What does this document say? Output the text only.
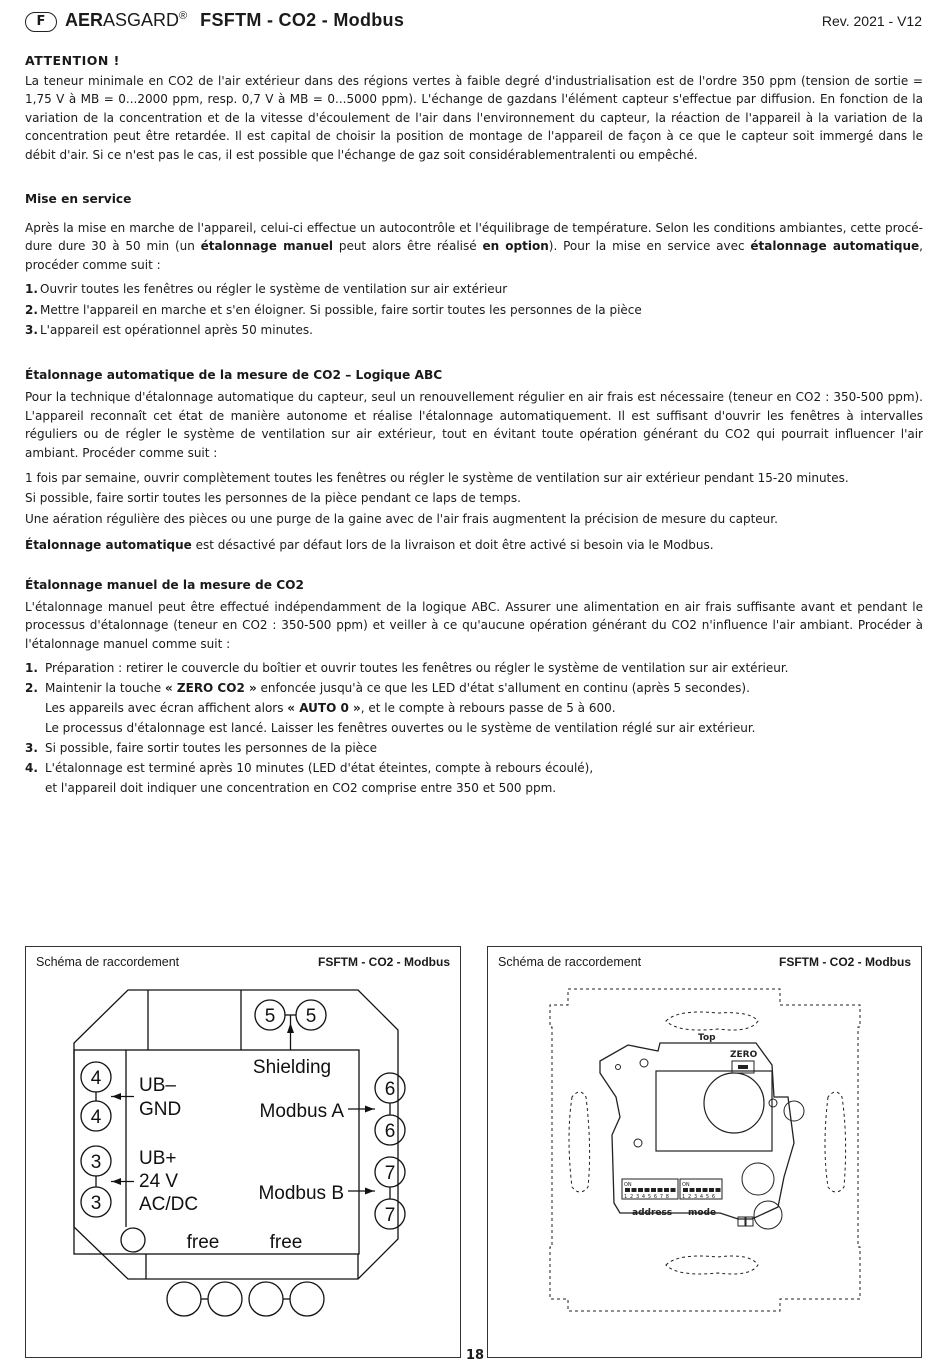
F	AERASGARD® FSFTM - CO2 - Modbus	Rev. 2021 - V12

ATTENTION !

La teneur minimale en CO2 de l'air extérieur dans des régions vertes à faible degré d'industrialisation est de l'ordre 350 ppm (tension de sortie = 1,75 V à MB = 0...2000 ppm, resp. 0,7 V à MB = 0...5000 ppm). L'échange de gazdans l'élément capteur s'effectue par diffusion. En fonction de la variation de la concentration et de la vitesse d'écoulement de l'air dans l'environnement du capteur, la réaction de l'appareil à la variation de la concentration peut être retardée. Il est capital de choisir la position de montage de l'appareil de façon à ce que le capteur soit immergé dans le débit d'air. Si ce n'est pas le cas, il est possible que l'échange de gaz soit considérablementralenti ou empêché.

Mise en service

Après la mise en marche de l'appareil, celui-ci effectue un autocontrôle et l'équilibrage de température. Selon les conditions ambiantes, cette procédure dure 30 à 50 min (un étalonnage manuel peut alors être réalisé en option). Pour la mise en service avec étalonnage automatique, procéder comme suit :

1. Ouvrir toutes les fenêtres ou régler le système de ventilation sur air extérieur
2. Mettre l'appareil en marche et s'en éloigner. Si possible, faire sortir toutes les personnes de la pièce
3. L'appareil est opérationnel après 50 minutes.

Étalonnage automatique de la mesure de CO2 – Logique ABC

Pour la technique d'étalonnage automatique du capteur, seul un renouvellement régulier en air frais est nécessaire (teneur en CO2 : 350-500 ppm). L'appareil reconnaît cet état de manière autonome et réalise l'étalonnage automatiquement. Il est suffisant d'ouvrir les fenêtres à intervalles réguliers ou de régler le système de ventilation sur air extérieur, tout en évitant toute opération générant du CO2 qui pourrait influencer l'air ambiant. Procéder comme suit :

1 fois par semaine, ouvrir complètement toutes les fenêtres ou régler le système de ventilation sur air extérieur pendant 15-20 minutes.

Si possible, faire sortir toutes les personnes de la pièce pendant ce laps de temps.

Une aération régulière des pièces ou une purge de la gaine avec de l'air frais augmentent la précision de mesure du capteur.

Étalonnage automatique est désactivé par défaut lors de la livraison et doit être activé si besoin via le Modbus.

Étalonnage manuel de la mesure de CO2

L'étalonnage manuel peut être effectué indépendamment de la logique ABC. Assurer une alimentation en air frais suffisante avant et pendant le processus d'étalonnage (teneur en CO2 : 350-500 ppm) et veiller à ce qu'aucune opération générant du CO2 n'influence l'air ambiant. Procéder à l'étalonnage manuel comme suit :

1. Préparation : retirer le couvercle du boîtier et ouvrir toutes les fenêtres ou régler le système de ventilation sur air extérieur.
2. Maintenir la touche « ZERO CO2 » enfoncée jusqu'à ce que les LED d'état s'allument en continu (après 5 secondes).
Les appareils avec écran affichent alors « AUTO 0 », et le compte à rebours passe de 5 à 600.
Le processus d'étalonnage est lancé. Laisser les fenêtres ouvertes ou le système de ventilation réglé sur air extérieur.
3. Si possible, faire sortir toutes les personnes de la pièce
4. L'étalonnage est terminé après 10 minutes (LED d'état éteintes, compte à rebours écoulé),
et l'appareil doit indiquer une concentration en CO2 comprise entre 350 et 500 ppm.
Schéma de raccordement	FSFTM - CO2 - Modbus
5 5
Shielding
4
4
UB–
GND
3
3
UB+
24 V
AC/DC
6
6
Modbus A
7
7
Modbus B
free	free
Schéma de raccordement	FSFTM - CO2 - Modbus
Top
ZERO
ON
1 2 3 4 5 6 7 8
ON
1 2 3 4 5 6
address mode
18
